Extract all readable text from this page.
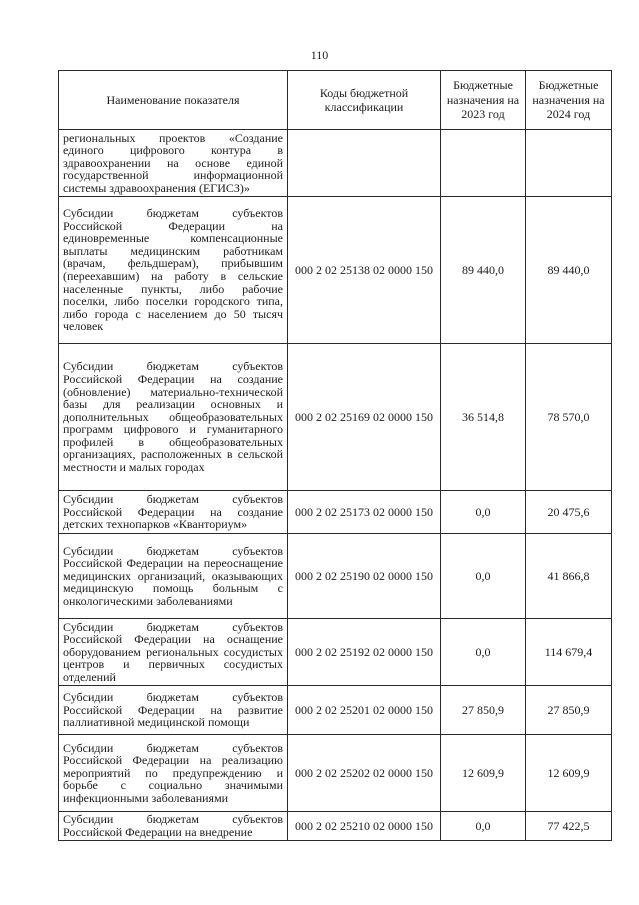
110
Наименование показателя	Коды бюджетной классификации	Бюджетные назначения на 2023 год	Бюджетные назначения на 2024 год
региональных проектов «Создание единого цифрового контура в здравоохранении на основе единой государственной информационной системы здравоохранения (ЕГИСЗ)»			
Субсидии бюджетам субъектов Российской Федерации на единовременные компенсационные выплаты медицинским работникам (врачам, фельдшерам), прибывшим (переехавшим) на работу в сельские населенные пункты, либо рабочие поселки, либо поселки городского типа, либо города с населением до 50 тысяч человек	000 2 02 25138 02 0000 150	89 440,0	89 440,0
Субсидии бюджетам субъектов Российской Федерации на создание (обновление) материально-технической базы для реализации основных и дополнительных общеобразовательных программ цифрового и гуманитарного профилей в общеобразовательных организациях, расположенных в сельской местности и малых городах	000 2 02 25169 02 0000 150	36 514,8	78 570,0
Субсидии бюджетам субъектов Российской Федерации на создание детских технопарков «Кванториум»	000 2 02 25173 02 0000 150	0,0	20 475,6
Субсидии бюджетам субъектов Российской Федерации на переоснащение медицинских организаций, оказывающих медицинскую помощь больным с онкологическими заболеваниями	000 2 02 25190 02 0000 150	0,0	41 866,8
Субсидии бюджетам субъектов Российской Федерации на оснащение оборудованием региональных сосудистых центров и первичных сосудистых отделений	000 2 02 25192 02 0000 150	0,0	114 679,4
Субсидии бюджетам субъектов Российской Федерации на развитие паллиативной медицинской помощи	000 2 02 25201 02 0000 150	27 850,9	27 850,9
Субсидии бюджетам субъектов Российской Федерации на реализацию мероприятий по предупреждению и борьбе с социально значимыми инфекционными заболеваниями	000 2 02 25202 02 0000 150	12 609,9	12 609,9
Субсидии бюджетам субъектов Российской Федерации на внедрение	000 2 02 25210 02 0000 150	0,0	77 422,5
